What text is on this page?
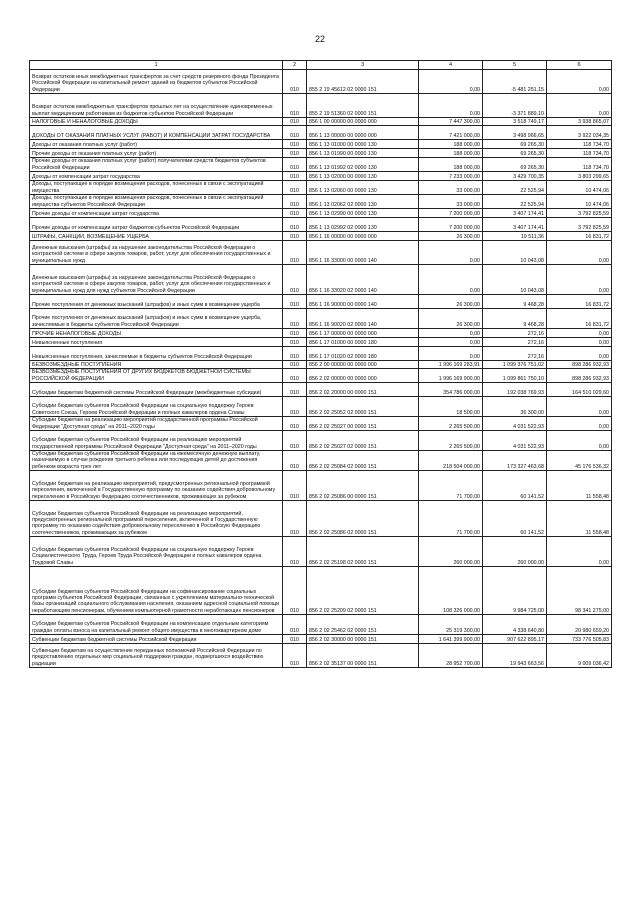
22
1	2	3	4	5	6
Возврат остатков иных межбюджетных трансфертов за счет средств резервного фонда Президента Российской Федерации на капитальный ремонт зданий из бюджетов субъектов Российской Федерации	010	855 2 19 45612 02 0000 151	0,00	-5 481 251,15	0,00
Возврат остатков межбюджетных трансфертов прошлых лет на осуществление единовременных выплат медицинским работникам из бюджетов субъектов Российской Федерации	010	855 2 19 51360 02 0000 151	0,00	-3 371 889,10	0,00
НАЛОГОВЫЕ И НЕНАЛОГОВЫЕ ДОХОДЫ	010	856 1 00 00000 00 0000 000	7 447 300,00	3 518 749,17	3 938 865,07
ДОХОДЫ ОТ ОКАЗАНИЯ ПЛАТНЫХ УСЛУГ (РАБОТ) И КОМПЕНСАЦИИ ЗАТРАТ ГОСУДАРСТВА	010	856 1 13 00000 00 0000 000	7 421 000,00	3 498 966,65	3 922 034,35
Доходы от оказания платных услуг (работ)	010	856 1 13 01000 00 0000 130	188 000,00	69 265,30	118 734,70
Прочие доходы от оказания платных услуг (работ)	010	856 1 13 01990 00 0000 130	188 000,00	69 265,30	118 734,70
Прочие доходы от оказания платных услуг (работ) получателями средств бюджетов субъектов Российской Федерации	010	856 1 13 01992 02 0000 130	188 000,00	69 265,30	118 734,70
Доходы от компенсации затрат государства	010	856 1 13 02000 00 0000 130	7 233 000,00	3 429 700,35	3 803 299,65
Доходы, поступающие в порядке возмещения расходов, понесенных в связи с эксплуатацией имущества	010	856 1 13 02060 00 0000 130	33 000,00	22 525,94	10 474,06
Доходы, поступающие в порядке возмещения расходов, понесенных в связи с эксплуатацией имущества субъектов Российской Федерации	010	856 1 13 02062 02 0000 130	33 000,00	22 525,94	10 474,06
Прочие доходы от компенсации затрат государства	010	856 1 13 02990 00 0000 130	7 200 000,00	3 407 174,41	3 792 825,59
Прочие доходы от компенсации затрат бюджетов субъектов Российской Федерации	010	856 1 13 02992 02 0000 130	7 200 000,00	3 407 174,41	3 792 825,59
ШТРАФЫ, САНКЦИИ, ВОЗМЕЩЕНИЕ УЩЕРБА	010	856 1 16 00000 00 0000 000	26 300,00	19 511,36	16 831,72
Денежные взыскания (штрафы) за нарушение законодательства Российской Федерации о контрактной системе в сфере закупок товаров, работ, услуг для обеспечения государственных и муниципальных нужд	010	856 1 16 33000 00 0000 140	0,00	10 043,08	0,00
Денежные взыскания (штрафы) за нарушение законодательства Российской Федерации о контрактной системе в сфере закупок товаров, работ, услуг для обеспечения государственных и муниципальных нужд для нужд субъектов Российской Федерации	010	856 1 16 33020 02 0000 140	0,00	10 043,08	0,00
Прочие поступления от денежных взысканий (штрафов) и иных сумм в возмещение ущерба	010	856 1 16 90000 00 0000 140	26 300,00	9 468,28	16 831,72
Прочие поступления от денежных взысканий (штрафов) и иных сумм в возмещение ущерба, зачисляемые в бюджеты субъектов Российской Федерации	010	856 1 16 90020 02 0000 140	26 300,00	9 468,28	16 831,72
ПРОЧИЕ НЕНАЛОГОВЫЕ ДОХОДЫ	010	856 1 17 00000 00 0000 000	0,00	272,16	0,00
Невыясненные поступления	010	856 1 17 01000 00 0000 180	0,00	272,16	0,00
Невыясненные поступления, зачисляемые в бюджеты субъектов Российской Федерации	010	856 1 17 01020 02 0000 180	0,00	272,16	0,00
БЕЗВОЗМЕЗДНЫЕ ПОСТУПЛЕНИЯ	010	856 2 00 00000 00 0000 000	1 996 169 283,91	1 099 376 751,02	898 286 932,93
БЕЗВОЗМЕЗДНЫЕ ПОСТУПЛЕНИЯ ОТ ДРУГИХ БЮДЖЕТОВ БЮДЖЕТНОЙ СИСТЕМЫ РОССИЙСКОЙ ФЕДЕРАЦИИ	010	856 2 02 00000 00 0000 000	1 996 169 900,00	1 099 861 750,10	898 286 932,93
Субсидии бюджетам бюджетной системы Российской Федерации (межбюджетные субсидии)	010	856 2 02 20000 00 0000 151	354 786 000,00	192 038 769,93	164 510 029,60
Субсидии бюджетам субъектов Российской Федерации на социальную поддержку Героев Советского Союза, Героев Российской Федерации и полных кавалеров ордена Славы	010	856 2 02 25052 02 0000 151	18 500,00	36 300,00	0,00
Субсидии бюджетам на реализацию мероприятий государственной программы Российской Федерации "Доступная среда" на 2011–2020 годы	010	856 2 02 25027 00 0000 151	2 265 500,00	4 031 522,93	0,00
Субсидии бюджетам субъектов Российской Федерации на реализацию мероприятий государственной программы Российской Федерации "Доступная среда" на 2011–2020 годы	010	856 2 02 25027 02 0000 151	2 265 500,00	4 031 522,93	0,00
Субсидии бюджетам субъектов Российской Федерации на ежемесячную денежную выплату, назначаемую в случае рождения третьего ребенка или последующих детей до достижения ребенком возраста трех лет	010	856 2 02 25084 02 0000 151	218 504 000,00	173 327 463,68	45 176 536,32
Субсидии бюджетам на реализацию мероприятий, предусмотренных региональной программой переселения, включенной в Государственную программу по оказанию содействия добровольному переселению в Российскую Федерацию соотечественников, проживающих за рубежом	010	856 2 02 25086 00 0000 151	71 700,00	60 141,52	11 558,48
Субсидии бюджетам субъектов Российской Федерации на реализацию мероприятий, предусмотренных региональной программой переселения, включенной в Государственную программу по оказанию содействия добровольному переселению в Российскую Федерацию соотечественников, проживающих за рубежом	010	856 2 02 25086 02 0000 151	71 700,00	60 141,52	11 558,48
Субсидии бюджетам субъектов Российской Федерации на социальную поддержку Героев Социалистического Труда, Героев Труда Российской Федерации и полных кавалеров ордена Трудовой Славы	010	856 2 02 25198 02 0000 151	260 000,00	260 000,00	0,00
Субсидии бюджетам субъектов Российской Федерации на софинансирование социальных программ субъектов Российской Федерации, связанных с укреплением материально-технической базы организаций социального обслуживания населения, оказанием адресной социальной помощи неработающим пенсионерам, обучением компьютерной грамотности неработающих пенсионеров	010	856 2 02 25209 02 0000 151	108 326 000,00	9 984 725,00	98 341 275,00
Субсидии бюджетам субъектов Российской Федерации на компенсацию отдельным категориям граждан оплаты взноса на капитальный ремонт общего имущества в многоквартирном доме	010	856 2 02 25462 02 0000 151	25 319 300,00	4 338 640,80	20 980 659,20
Субвенции бюджетам бюджетной системы Российской Федерации	010	856 2 02 30000 00 0000 151	1 641 399 900,00	907 622 895,17	733 776 505,83
Субвенции бюджетам на осуществление переданных полномочий Российской Федерации по предоставлению отдельных мер социальной поддержки граждан, подвергшихся воздействию радиации	010	856 2 02 35137 00 0000 151	28 952 700,00	19 943 663,56	9 009 036,42
